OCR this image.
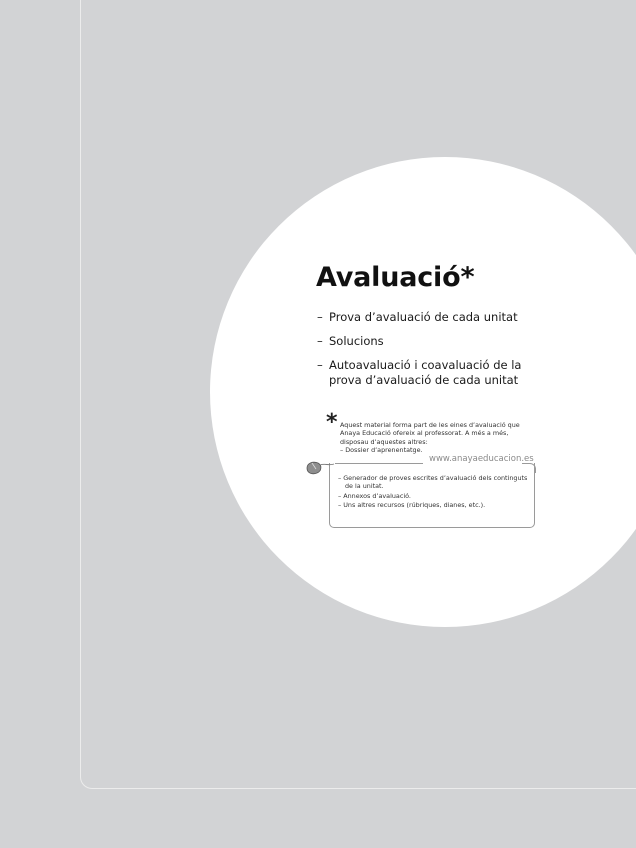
Avaluació*
– Prova d’avaluació de cada unitat
– Solucions
– Autoavaluació i coavaluació de la prova d’avaluació de cada unitat
* Aquest material forma part de les eines d’avaluació que
Anaya Educació ofereix al professorat. A més a més,
disposau d’aquestes altres:
– Dossier d’aprenentatge.
www.anayaeducacion.es
– Generador de proves escrites d’avaluació dels continguts de la unitat.
– Annexos d’avaluació.
– Uns altres recursos (rúbriques, dianes, etc.).
